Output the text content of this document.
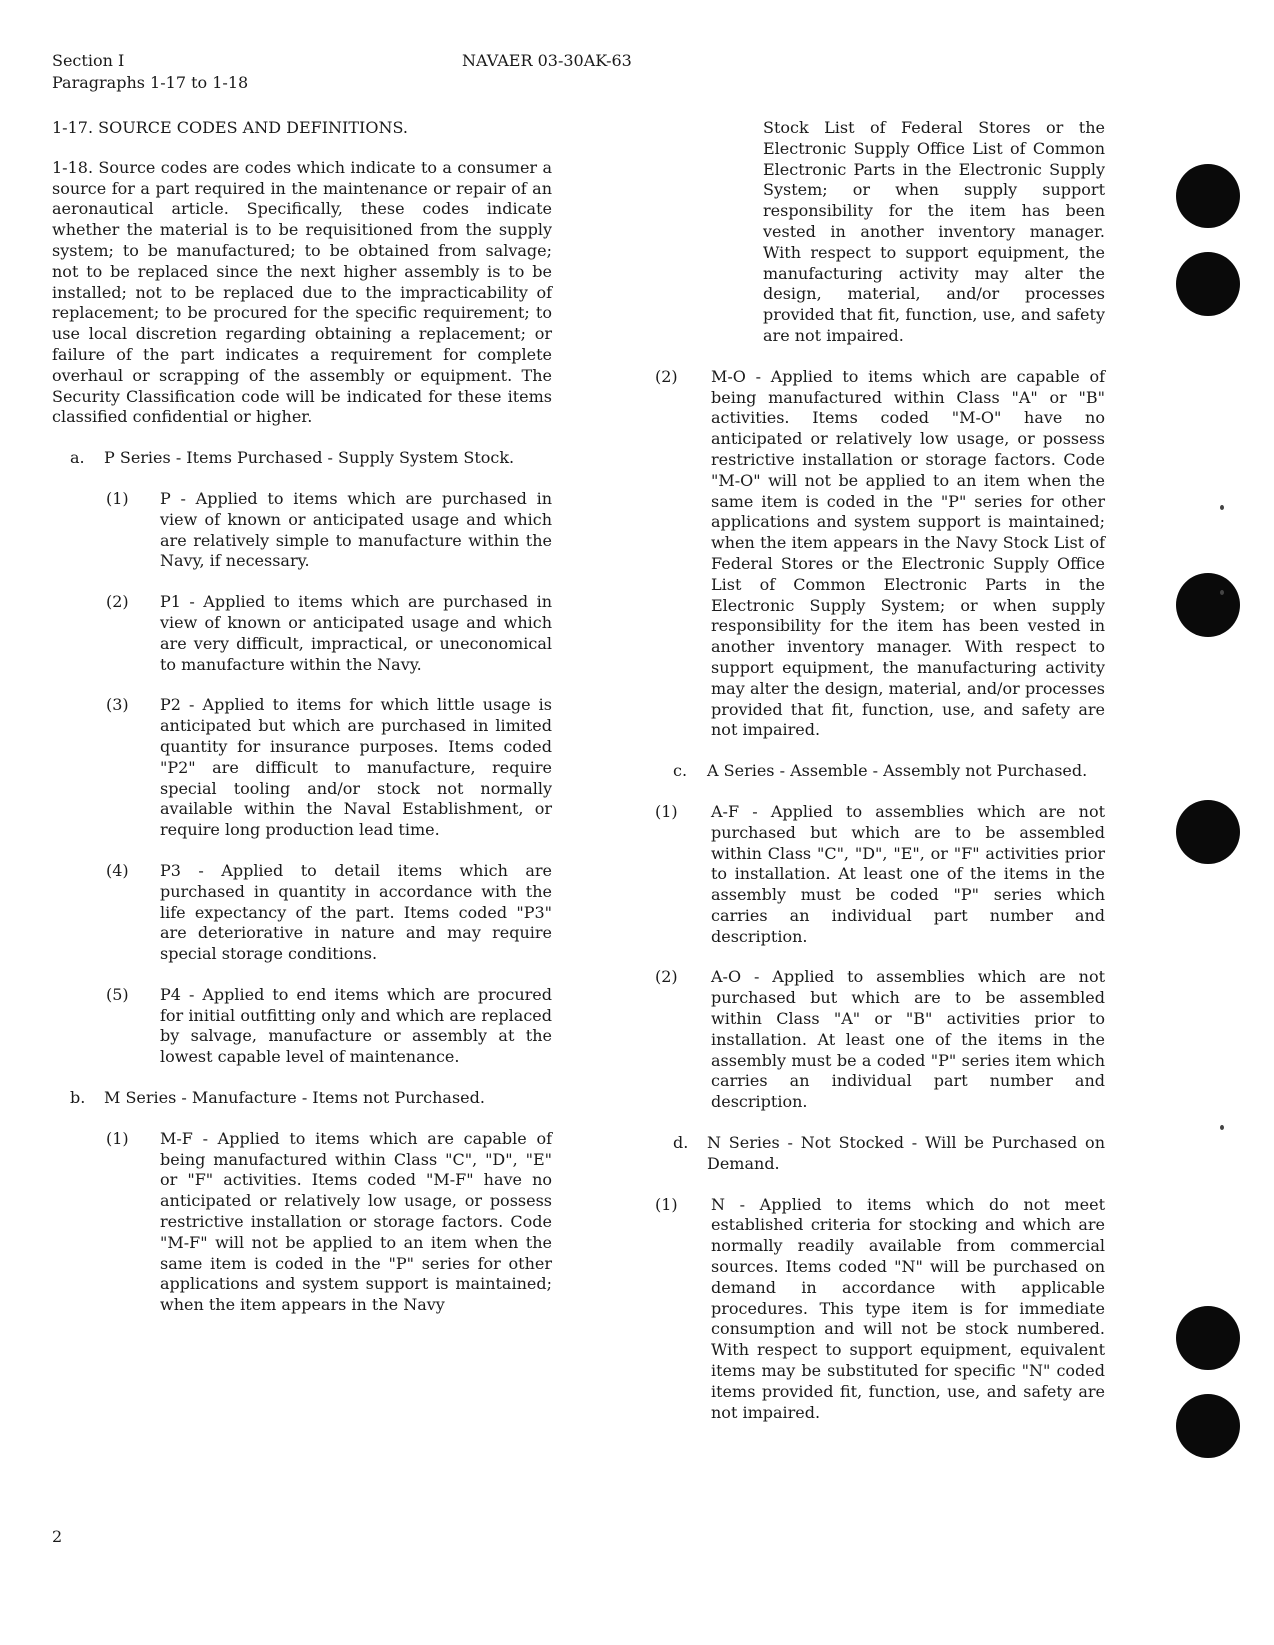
Section I
Paragraphs 1-17 to 1-18
NAVAER 03-30AK-63

1-17. SOURCE CODES AND DEFINITIONS.

1-18. Source codes are codes which indicate to a consumer a source for a part required in the maintenance or repair of an aeronautical article. Specifically, these codes indicate whether the material is to be requisitioned from the supply system; to be manufactured; to be obtained from salvage; not to be replaced since the next higher assembly is to be installed; not to be replaced due to the impracticability of replacement; to be procured for the specific requirement; to use local discretion regarding obtaining a replacement; or failure of the part indicates a requirement for complete overhaul or scrapping of the assembly or equipment. The Security Classification code will be indicated for these items classified confidential or higher.

a.	P Series - Items Purchased - Supply System Stock.
(1)	P - Applied to items which are purchased in view of known or anticipated usage and which are relatively simple to manufacture within the Navy, if necessary.
(2)	P1 - Applied to items which are purchased in view of known or anticipated usage and which are very difficult, impractical, or uneconomical to manufacture within the Navy.
(3)	P2 - Applied to items for which little usage is anticipated but which are purchased in limited quantity for insurance purposes. Items coded "P2" are difficult to manufacture, require special tooling and/or stock not normally available within the Naval Establishment, or require long production lead time.
(4)	P3 - Applied to detail items which are purchased in quantity in accordance with the life expectancy of the part. Items coded "P3" are deteriorative in nature and may require special storage conditions.
(5)	P4 - Applied to end items which are procured for initial outfitting only and which are replaced by salvage, manufacture or assembly at the lowest capable level of maintenance.
b.	M Series - Manufacture - Items not Purchased.
(1)	M-F - Applied to items which are capable of being manufactured within Class "C", "D", "E" or "F" activities. Items coded "M-F" have no anticipated or relatively low usage, or possess restrictive installation or storage factors. Code "M-F" will not be applied to an item when the same item is coded in the "P" series for other applications and system support is maintained; when the item appears in the Navy
Stock List of Federal Stores or the Electronic Supply Office List of Common Electronic Parts in the Electronic Supply System; or when supply support responsibility for the item has been vested in another inventory manager. With respect to support equipment, the manufacturing activity may alter the design, material, and/or processes provided that fit, function, use, and safety are not impaired.
(2)	M-O - Applied to items which are capable of being manufactured within Class "A" or "B" activities. Items coded "M-O" have no anticipated or relatively low usage, or possess restrictive installation or storage factors. Code "M-O" will not be applied to an item when the same item is coded in the "P" series for other applications and system support is maintained; when the item appears in the Navy Stock List of Federal Stores or the Electronic Supply Office List of Common Electronic Parts in the Electronic Supply System; or when supply responsibility for the item has been vested in another inventory manager. With respect to support equipment, the manufacturing activity may alter the design, material, and/or processes provided that fit, function, use, and safety are not impaired.
c.	A Series - Assemble - Assembly not Purchased.
(1)	A-F - Applied to assemblies which are not purchased but which are to be assembled within Class "C", "D", "E", or "F" activities prior to installation. At least one of the items in the assembly must be coded "P" series which carries an individual part number and description.
(2)	A-O - Applied to assemblies which are not purchased but which are to be assembled within Class "A" or "B" activities prior to installation. At least one of the items in the assembly must be a coded "P" series item which carries an individual part number and description.
d.	N Series - Not Stocked - Will be Purchased on Demand.
(1)	N - Applied to items which do not meet established criteria for stocking and which are normally readily available from commercial sources. Items coded "N" will be purchased on demand in accordance with applicable procedures. This type item is for immediate consumption and will not be stock numbered. With respect to support equipment, equivalent items may be substituted for specific "N" coded items provided fit, function, use, and safety are not impaired.
2
